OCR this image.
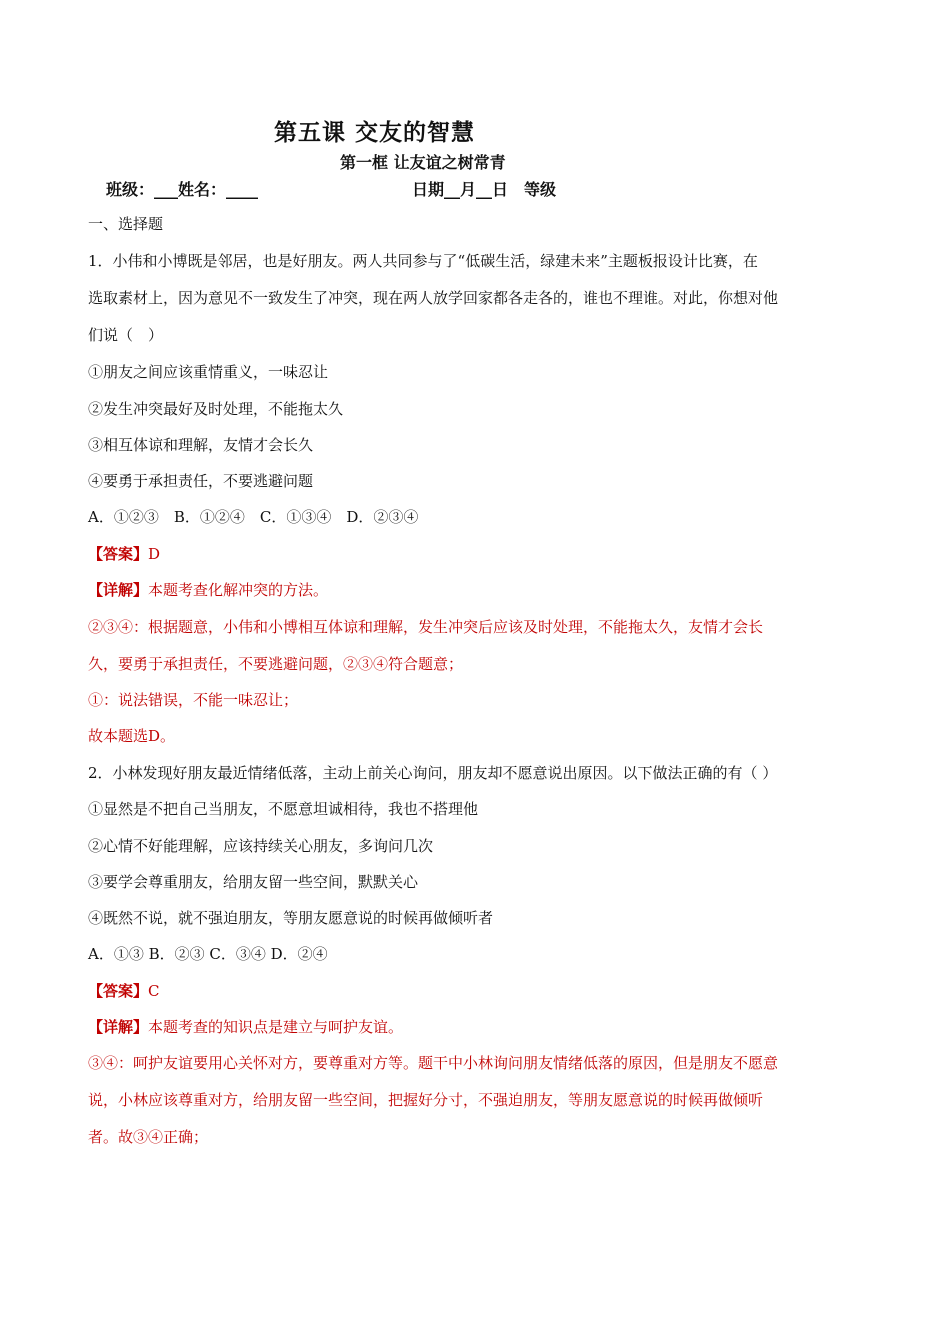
第五课 交友的智慧
第一框 让友谊之树常青
班级：___姓名：____	日期__月__日　等级
一、选择题
1．小伟和小博既是邻居，也是好朋友。两人共同参与了“低碳生活，绿建未来”主题板报设计比赛，在
选取素材上，因为意见不一致发生了冲突，现在两人放学回家都各走各的，谁也不理谁。对此，你想对他
们说（　）
①朋友之间应该重情重义，一味忍让
②发生冲突最好及时处理，不能拖太久
③相互体谅和理解，友情才会长久
④要勇于承担责任，不要逃避问题
A．①②③　B．①②④　C．①③④　D．②③④
【答案】D
【详解】本题考查化解冲突的方法。
②③④：根据题意，小伟和小博相互体谅和理解，发生冲突后应该及时处理，不能拖太久，友情才会长
久，要勇于承担责任，不要逃避问题，②③④符合题意；
①：说法错误，不能一味忍让；
故本题选D。
2．小林发现好朋友最近情绪低落，主动上前关心询问，朋友却不愿意说出原因。以下做法正确的有（ ）
①显然是不把自己当朋友，不愿意坦诚相待，我也不搭理他
②心情不好能理解，应该持续关心朋友，多询问几次
③要学会尊重朋友，给朋友留一些空间，默默关心
④既然不说，就不强迫朋友，等朋友愿意说的时候再做倾听者
A．①③ B．②③ C．③④ D．②④
【答案】C
【详解】本题考查的知识点是建立与呵护友谊。
③④：呵护友谊要用心关怀对方，要尊重对方等。题干中小林询问朋友情绪低落的原因，但是朋友不愿意
说，小林应该尊重对方，给朋友留一些空间，把握好分寸，不强迫朋友，等朋友愿意说的时候再做倾听
者。故③④正确；
